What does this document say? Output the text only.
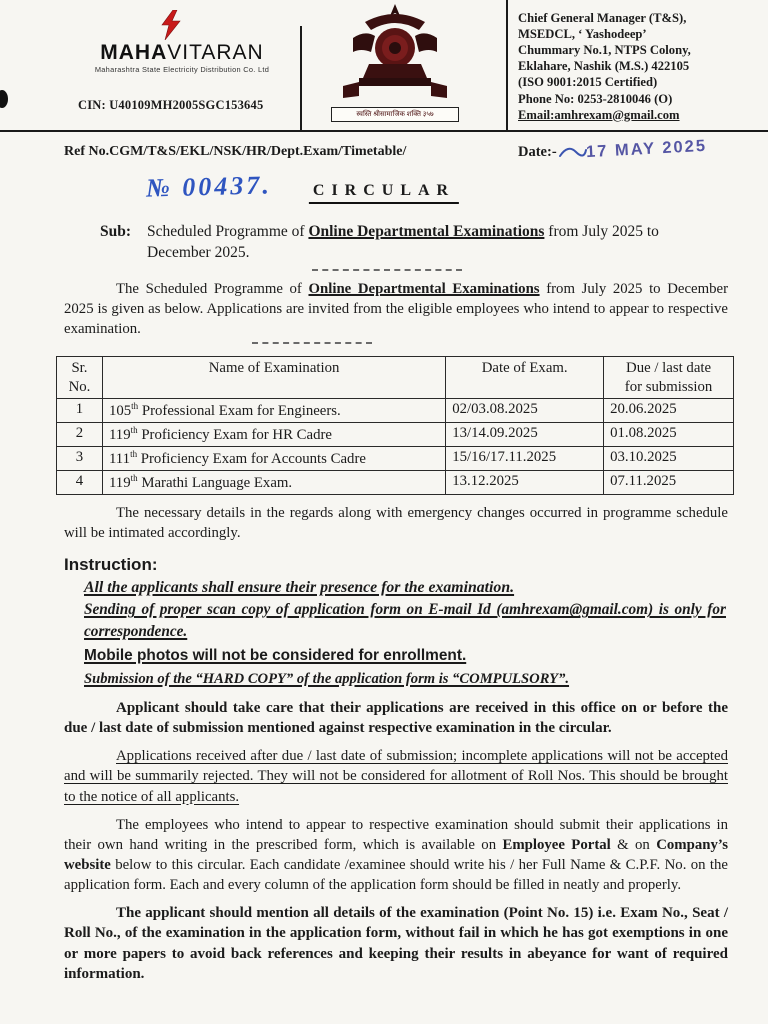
MAHAVITARAN
Maharashtra State Electricity Distribution Co. Ltd
CIN: U40109MH2005SGC153645
स्वस्ति श्रीसामाजिक शक्ति ३५७
Chief General Manager (T&S),
MSEDCL, ‘ Yashodeep’
Chummary No.1, NTPS Colony,
Eklahare, Nashik (M.S.) 422105
(ISO 9001:2015 Certified)
Phone No: 0253-2810046 (O)
Email:amhrexam@gmail.com
Ref No.CGM/T&S/EKL/NSK/HR/Dept.Exam/Timetable/	Date:- 17 MAY 2025
№ 00437.	CIRCULAR
Sub: Scheduled Programme of Online Departmental Examinations from July 2025 to December 2025.

The Scheduled Programme of Online Departmental Examinations from July 2025 to December 2025 is given as below. Applications are invited from the eligible employees who intend to appear to respective examination.

Sr.
No.	Name of Examination	Date of Exam.	Due / last date
for submission
1	105th Professional Exam for Engineers.	02/03.08.2025	20.06.2025
2	119th Proficiency Exam for HR Cadre	13/14.09.2025	01.08.2025
3	111th Proficiency Exam for Accounts Cadre	15/16/17.11.2025	03.10.2025
4	119th Marathi Language Exam.	13.12.2025	07.11.2025

The necessary details in the regards along with emergency changes occurred in programme schedule will be intimated accordingly.

Instruction:
All the applicants shall ensure their presence for the examination.
Sending of proper scan copy of application form on E-mail Id (amhrexam@gmail.com) is only for correspondence.
Mobile photos will not be considered for enrollment.
Submission of the “HARD COPY” of the application form is “COMPULSORY”.

Applicant should take care that their applications are received in this office on or before the due / last date of submission mentioned against respective examination in the circular.

Applications received after due / last date of submission; incomplete applications will not be accepted and will be summarily rejected. They will not be considered for allotment of Roll Nos. This should be brought to the notice of all applicants.

The employees who intend to appear to respective examination should submit their applications in their own hand writing in the prescribed form, which is available on Employee Portal & on Company’s website below to this circular. Each candidate /examinee should write his / her Full Name & C.P.F. No. on the application form. Each and every column of the application form should be filled in neatly and properly.

The applicant should mention all details of the examination (Point No. 15) i.e. Exam No., Seat / Roll No., of the examination in the application form, without fail in which he has got exemptions in one or more papers to avoid back references and keeping their results in abeyance for want of required information.
